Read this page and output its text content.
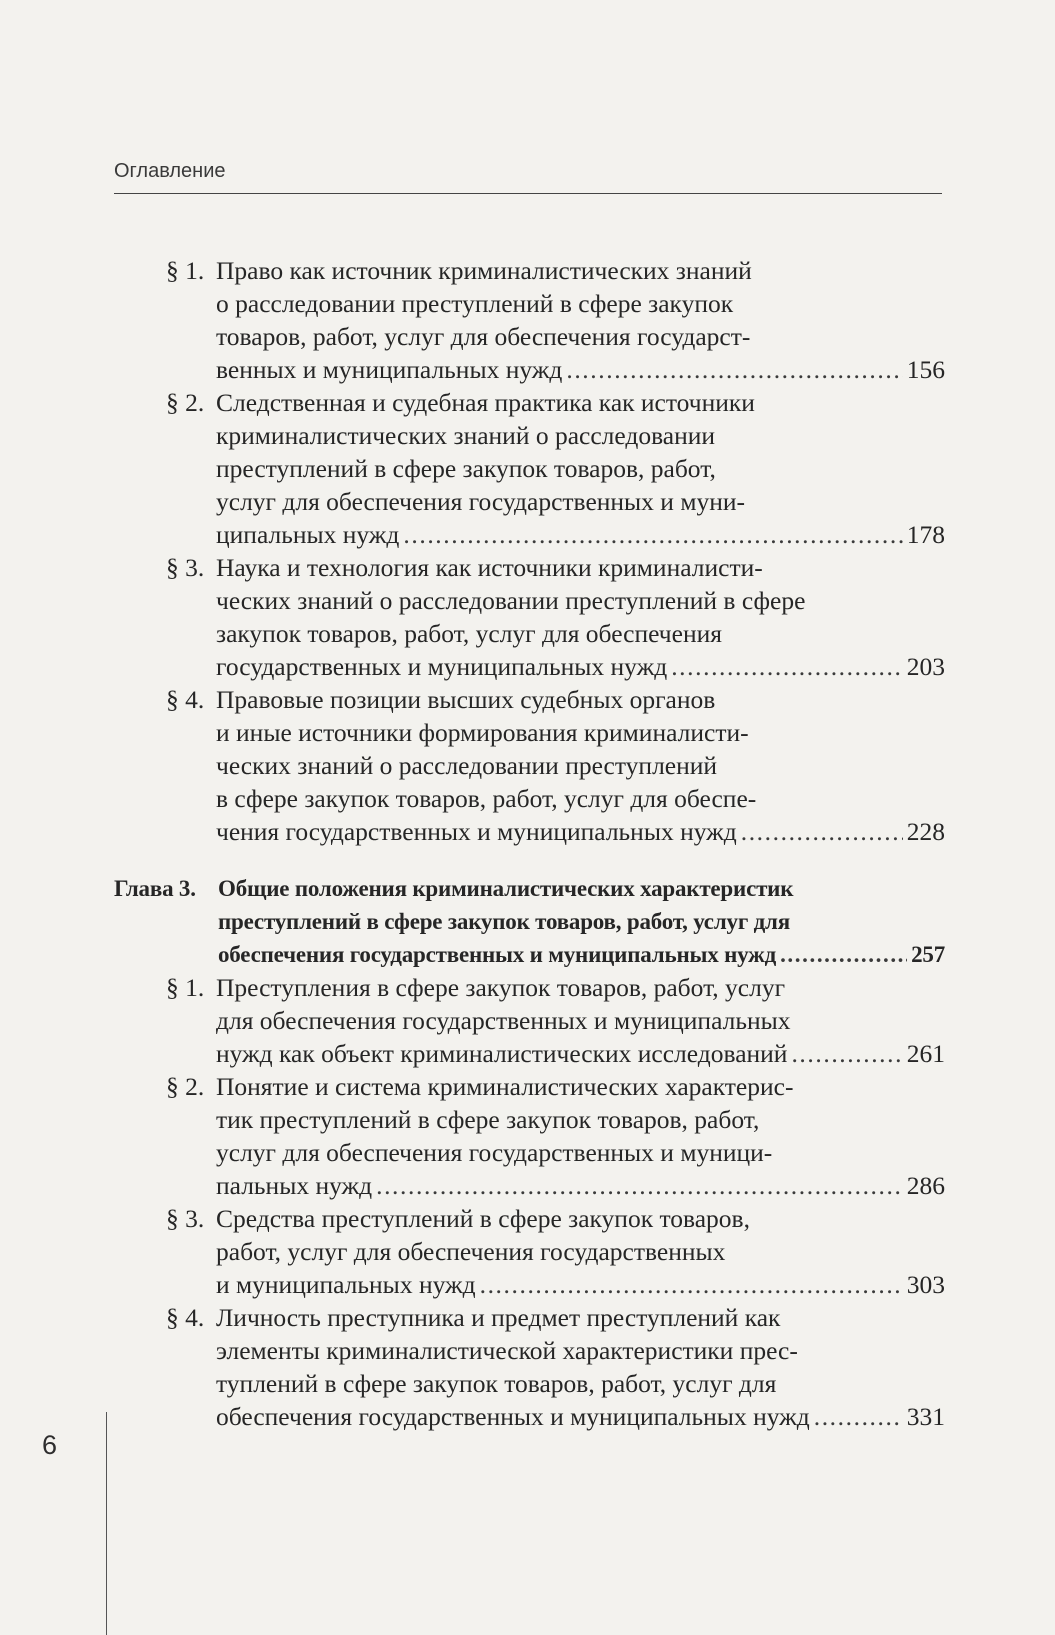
Оглавление
§ 1. Право как источник криминалистических знаний
о расследовании преступлений в сфере закупок
товаров, работ, услуг для обеспечения государст-
венных и муниципальных нужд .....	156
§ 2. Следственная и судебная практика как источники
криминалистических знаний о расследовании
преступлений в сфере закупок товаров, работ,
услуг для обеспечения государственных и муни-
ципальных нужд .....	178
§ 3. Наука и технология как источники криминалисти-
ческих знаний о расследовании преступлений в сфере
закупок товаров, работ, услуг для обеспечения
государственных и муниципальных нужд .....	203
§ 4. Правовые позиции высших судебных органов
и иные источники формирования криминалисти-
ческих знаний о расследовании преступлений
в сфере закупок товаров, работ, услуг для обеспе-
чения государственных и муниципальных нужд .....	228
Глава 3. Общие положения криминалистических характеристик
преступлений в сфере закупок товаров, работ, услуг для
обеспечения государственных и муниципальных нужд .....	257
§ 1. Преступления в сфере закупок товаров, работ, услуг
для обеспечения государственных и муниципальных
нужд как объект криминалистических исследований .....	261
§ 2. Понятие и система криминалистических характерис-
тик преступлений в сфере закупок товаров, работ,
услуг для обеспечения государственных и муници-
пальных нужд .....	286
§ 3. Средства преступлений в сфере закупок товаров,
работ, услуг для обеспечения государственных
и муниципальных нужд .....	303
§ 4. Личность преступника и предмет преступлений как
элементы криминалистической характеристики прес-
туплений в сфере закупок товаров, работ, услуг для
обеспечения государственных и муниципальных нужд .....	331
6
